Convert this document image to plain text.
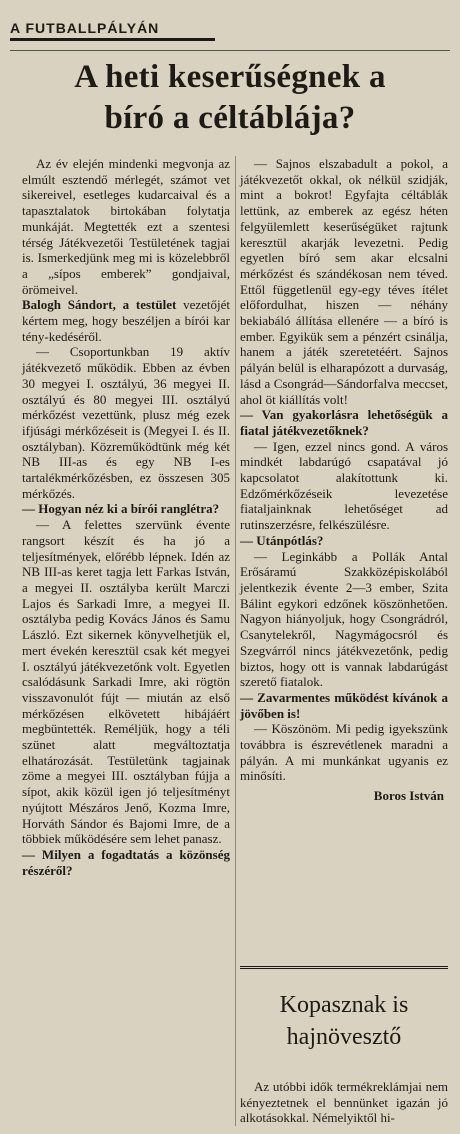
A FUTBALLPÁLYÁN
A heti keserűségnek a
bíró a céltáblája?

Az év elején mindenki megvonja az elmúlt esztendő mérlegét, számot vet sikereivel, esetleges kudarcaival és a tapasztalatok birtokában folytatja munkáját. Megtették ezt a szentesi térség Játékvezetői Testületének tagjai is. Ismerkedjünk meg mi is közelebbről a „sípos emberek” gondjaival, örömeivel.

Balogh Sándort, a testület vezetőjét kértem meg, hogy beszéljen a bírói kar tény-kedéséről.

— Csoportunkban 19 aktív játékvezető működik. Ebben az évben 30 megyei I. osztályú, 36 megyei II. osztályú és 80 megyei III. osztályú mérkőzést vezettünk, plusz még ezek ifjúsági mérkőzéseit is (Megyei I. és II. osztályban). Közreműködtünk még két NB III-as és egy NB I-es tartalékmérkőzésben, ez összesen 305 mérkőzés.

— Hogyan néz ki a bírói ranglétra?

— A felettes szervünk évente rangsort készít és ha jó a teljesítmények, előrébb lépnek. Idén az NB III-as keret tagja lett Farkas István, a megyei II. osztályba került Marczi Lajos és Sarkadi Imre, a megyei II. osztályba pedig Kovács János és Samu László. Ezt sikernek könyvelhetjük el, mert évekén keresztül csak két megyei I. osztályú játékvezetőnk volt. Egyetlen csalódásunk Sarkadi Imre, aki rögtön visszavonulót fújt — miután az első mérkőzésen elkövetett hibájáért megbüntették. Reméljük, hogy a téli szünet alatt megváltoztatja elhatározását. Testületünk tagjainak zöme a megyei III. osztályban fújja a sípot, akik közül igen jó teljesítményt nyújtott Mészáros Jenő, Kozma Imre, Horváth Sándor és Bajomi Imre, de a többiek működésére sem lehet panasz.

— Milyen a fogadtatás a közönség részéről?

— Sajnos elszabadult a pokol, a játékvezetőt okkal, ok nélkül szidják, mint a bokrot! Egyfajta céltáblák lettünk, az emberek az egész héten felgyülemlett keserűségüket rajtunk keresztül akarják levezetni. Pedig egyetlen bíró sem akar elcsalni mérkőzést és szándékosan nem téved. Ettől függetlenül egy-egy téves ítélet előfordulhat, hiszen — néhány bekiabáló állítása ellenére — a bíró is ember. Egyikük sem a pénzért csinálja, hanem a játék szeretetéért. Sajnos pályán belül is elharapózott a durvaság, lásd a Csongrád—Sándorfalva meccset, ahol öt kiállítás volt!

— Van gyakorlásra lehetőségük a fiatal játékvezetőknek?

— Igen, ezzel nincs gond. A város mindkét labdarúgó csapatával jó kapcsolatot alakítottunk ki. Edzőmérkőzéseik levezetése fiataljainknak lehetőséget ad rutinszerzésre, felkészülésre.

— Utánpótlás?

— Leginkább a Pollák Antal Erősáramú Szakközépiskolából jelentkezik évente 2—3 ember, Szita Bálint egykori edzőnek köszönhetően. Nagyon hiányoljuk, hogy Csongrádról, Csanytelekről, Nagymágocsról és Szegvárról nincs játékvezetőnk, pedig biztos, hogy ott is vannak labdarúgást szerető fiatalok.

— Zavarmentes működést kívánok a jövőben is!

— Köszönöm. Mi pedig igyekszünk továbbra is észrevétlenek maradni a pályán. A mi munkánkat ugyanis ez minősíti.

Boros István
Kopasznak is
hajnövesztő
Az utóbbi idők termékreklámjai nem kényeztetnek el bennünket igazán jó alkotásokkal. Némelyiktől hi-
